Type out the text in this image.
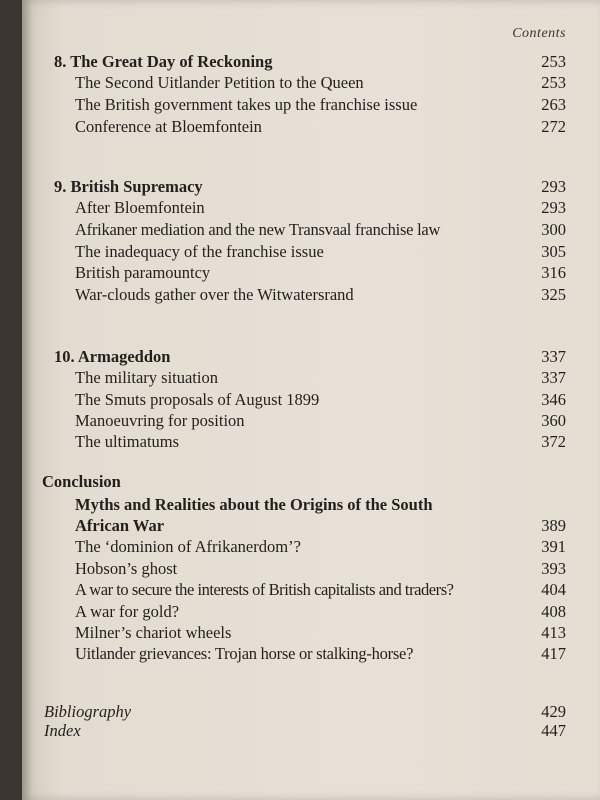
Contents
8. The Great Day of Reckoning	253
The Second Uitlander Petition to the Queen	253
The British government takes up the franchise issue	263
Conference at Bloemfontein	272
9. British Supremacy	293
After Bloemfontein	293
Afrikaner mediation and the new Transvaal franchise law	300
The inadequacy of the franchise issue	305
British paramountcy	316
War-clouds gather over the Witwatersrand	325
10. Armageddon	337
The military situation	337
The Smuts proposals of August 1899	346
Manoeuvring for position	360
The ultimatums	372
Conclusion
Myths and Realities about the Origins of the South
African War	389
The ‘dominion of Afrikanerdom’?	391
Hobson’s ghost	393
A war to secure the interests of British capitalists and traders?	404
A war for gold?	408
Milner’s chariot wheels	413
Uitlander grievances: Trojan horse or stalking-horse?	417
Bibliography	429
Index	447
